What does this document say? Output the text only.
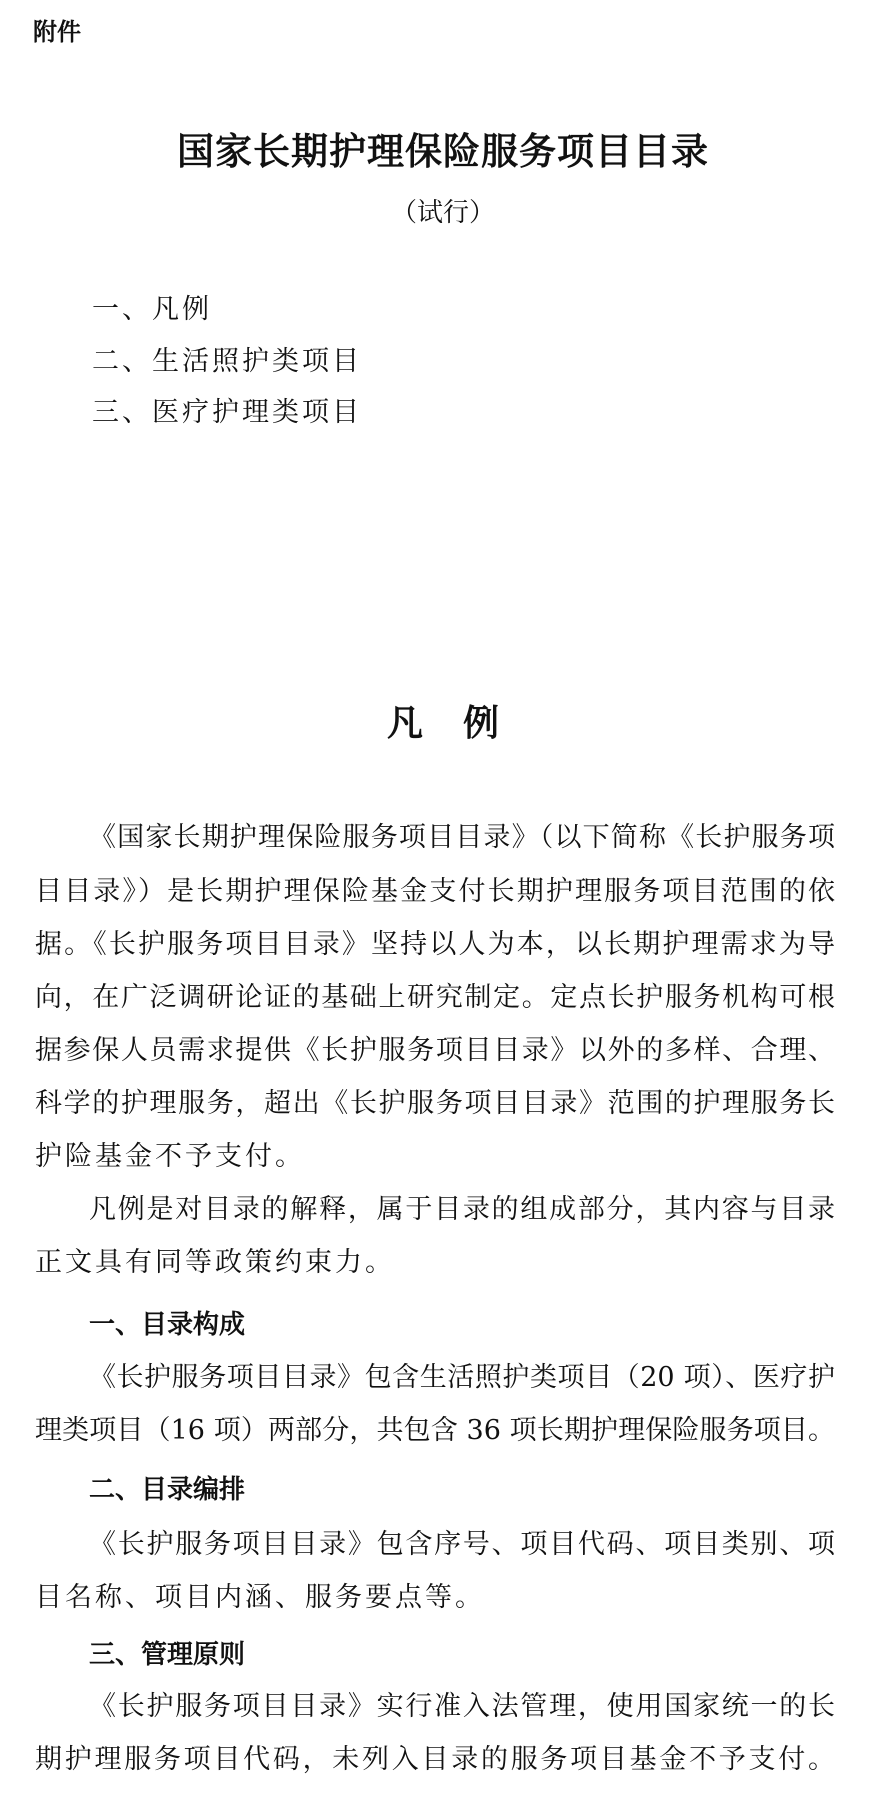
附件
国家长期护理保险服务项目目录
（试行）
一、凡例
二、生活照护类项目
三、医疗护理类项目
凡 例
《国家长期护理保险服务项目目录》（以下简称《长护服务项
目目录》）是长期护理保险基金支付长期护理服务项目范围的依
据。《长护服务项目目录》坚持以人为本，以长期护理需求为导
向，在广泛调研论证的基础上研究制定。定点长护服务机构可根
据参保人员需求提供《长护服务项目目录》以外的多样、合理、
科学的护理服务，超出《长护服务项目目录》范围的护理服务长
护险基金不予支付。
凡例是对目录的解释，属于目录的组成部分，其内容与目录
正文具有同等政策约束力。
一、目录构成
《长护服务项目目录》包含生活照护类项目（20 项）、医疗护
理类项目（16 项）两部分，共包含 36 项长期护理保险服务项目。
二、目录编排
《长护服务项目目录》包含序号、项目代码、项目类别、项
目名称、项目内涵、服务要点等。
三、管理原则
《长护服务项目目录》实行准入法管理，使用国家统一的长
期护理服务项目代码，未列入目录的服务项目基金不予支付。
